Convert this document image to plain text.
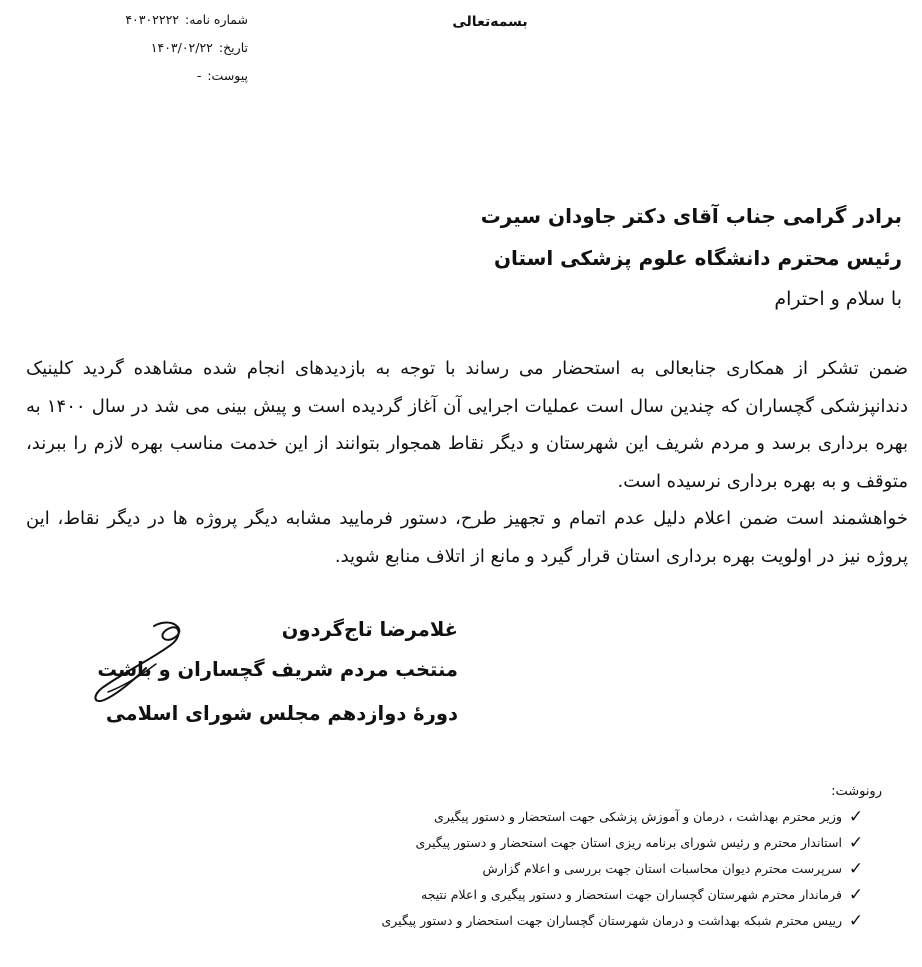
بسمه‌تعالی
شماره نامه:۴۰۳۰۲۲۲۲
تاریخ:۱۴۰۳/۰۲/۲۲
پیوست:-
برادر گرامی جناب آقای دکتر جاودان سیرت
رئیس محترم دانشگاه علوم پزشکی استان
با سلام و احترام

ضمن تشکر از همکاری جنابعالی به استحضار می رساند با توجه به بازدیدهای انجام شده مشاهده گردید کلینیک دندانپزشکی گچساران که چندین سال است عملیات اجرایی آن آغاز گردیده است و پیش بینی می شد در سال ۱۴۰۰ به بهره برداری برسد و مردم شریف این شهرستان و دیگر نقاط همجوار بتوانند از این خدمت مناسب بهره لازم را ببرند، متوقف و به بهره برداری نرسیده است.

خواهشمند است ضمن اعلام دلیل عدم اتمام و تجهیز طرح، دستور فرمایید مشابه دیگر پروژه ها در دیگر نقاط، این پروژه نیز در اولویت بهره برداری استان قرار گیرد و مانع از اتلاف منابع شوید.

غلامرضا تاج‌گردون
منتخب مردم شریف گچساران و باشت
دورۀ دوازدهم مجلس شورای اسلامی
رونوشت:
✓
وزیر محترم بهداشت ، درمان و آموزش پزشکی جهت استحضار و دستور پیگیری
✓
استاندار محترم و رئیس شورای برنامه ریزی استان جهت استحضار و دستور پیگیری
✓
سرپرست محترم دیوان محاسبات استان جهت بررسی و اعلام گزارش
✓
فرماندار محترم شهرستان گچساران جهت استحضار و دستور پیگیری و اعلام نتیجه
✓
رییس محترم شبکه بهداشت و درمان شهرستان گچساران جهت استحضار و دستور پیگیری
